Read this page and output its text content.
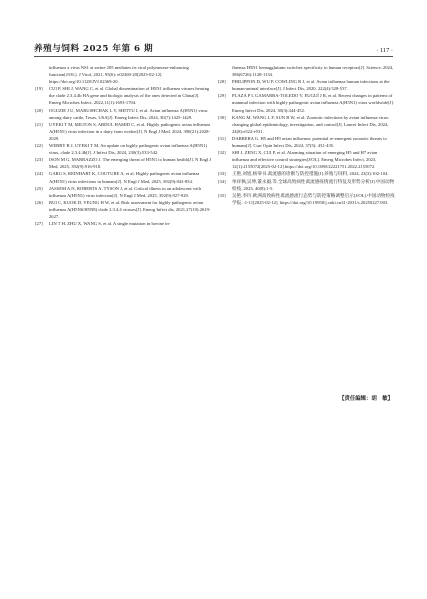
养殖与饲料 2025 年第 6 期	· 117 ·

influenza a virus NS1 at serine 205 mediates its viral polymerase-enhancing function[J/OL]. J Virol, 2021, 95(6): e02369-20[2025-02-12]. https://doi.org/10.1128/JVI.02369-20.

[19] CUI P, SHI J, WANG C, et al. Global dissemination of H5N1 influenza viruses bearing the clade 2.3.4.4b HA gene and biologic analysis of the ones detected in China[J]. Emerg Microbes Infect, 2022,11(1):1693-1704.

[20] OGUZIE J U, MARUSHCHAK L V, SHITTU I, et al. Avian influenza A(H5N1) virus among dairy cattle, Texas, USA[J]. Emerg Infect Dis, 2024, 30(7):1425-1429.

[21] UYEKI T M, MILTON S, ABDUL HAMID C, et al. Highly pathogenic avian influenza A(H5N1) virus infection in a dairy farm worker[J]. N Engl J Med, 2024, 390(21):2028-2029.

[22] WEBBY R J, UYEKI T M. An update on highly pathogenic avian influenza A(H5N1) virus, clade 2.3.4.4b[J]. J Infect Dis, 2024, 230(3):533-542.

[23] ISON M G, MARRAZZO J. The emerging threat of H5N1 to human health[J]. N Engl J Med, 2025, 392(9):916-918.

[24] GARG S, REINHART K, COUTURE A, et al. Highly pathogenic avian influenza A(H5N1) virus infections in humans[J]. N Engl J Med, 2025, 392(9):843-854.

[25] JASSEM A N, ROBERTS A, TYSON J, et al. Critical illness in an adolescent with influenza A(H5N1) virus infection[J]. N Engl J Med, 2025, 392(9):927-929.

[26] BUI C, KUOK D, YEUNG H W, et al. Risk assessment for highly pathogenic avian influenza A(H5N6/H5N8) clade 2.3.4.4 viruses[J]. Emerg Infect dis, 2021,27(10):2619-2627.

[27] LIN T H, ZHU X, WANG S, et al. A single mutation in bovine in-

fluenza H5N1 hemagglutinin switches specificity to human receptors[J]. Science, 2024, 386(6726):1128-1134.

[28] PHILIPPON D, WU P, COWLING B J, et al. Avian influenza human infections at the human-animal interface[J]. J Infect Dis, 2020, 222(4):528-537.

[29] PLAZA P I, GAMARRA-TOLEDO V, EUGUÍ J R, et al. Recent changes in patterns of mammal infection with highly pathogenic avian influenza A(H5N1) virus worldwide[J]. Emerg Infect Dis, 2024, 30(3):444-452.

[30] KANG M, WANG L F, SUN B W, et al. Zoonotic infections by avian influenza virus: changing global epidemiology, investigation, and control[J]. Lancet Infect Dis, 2024, 24(8):e522-e531.

[31] DABRERA G. H5 and H9 avian influenza: potential re-emergent zoonotic threats to humans[J]. Curr Opin Infect Dis, 2024, 37(5): 431-435.

[32] SHI J, ZENG X, CUI P, et al. Alarming situation of emerging H5 and H7 avian influenza and effective control strategies[J/OL]. Emerg Microbes Infect, 2023, 12(1):2155072[2025-02-12].https://doi.org/10.1080/22221751.2022.2155072.

[33] 王艳,刘旭,杨零书.禽流感的诊断与防控措施[J].养殖与饲料, 2024, 23(3):102-104.

[34] 单祥枫,吴坤,董永毅,等.全球高致病性禽流感疫情流行特征及形势分析[J].中国动物检疫, 2023, 40(8):1-5.

[35] 吴艳,李玲.欧洲高致病性禽流感流行态势与防控策略调整启示[J/OL].中国动物检疫学报, :1-11[2025-02-12]. https://doi.org/10.19958/j.cnki.cn31-2031/s.20250227.003.

【责任编辑：胡　敏】
